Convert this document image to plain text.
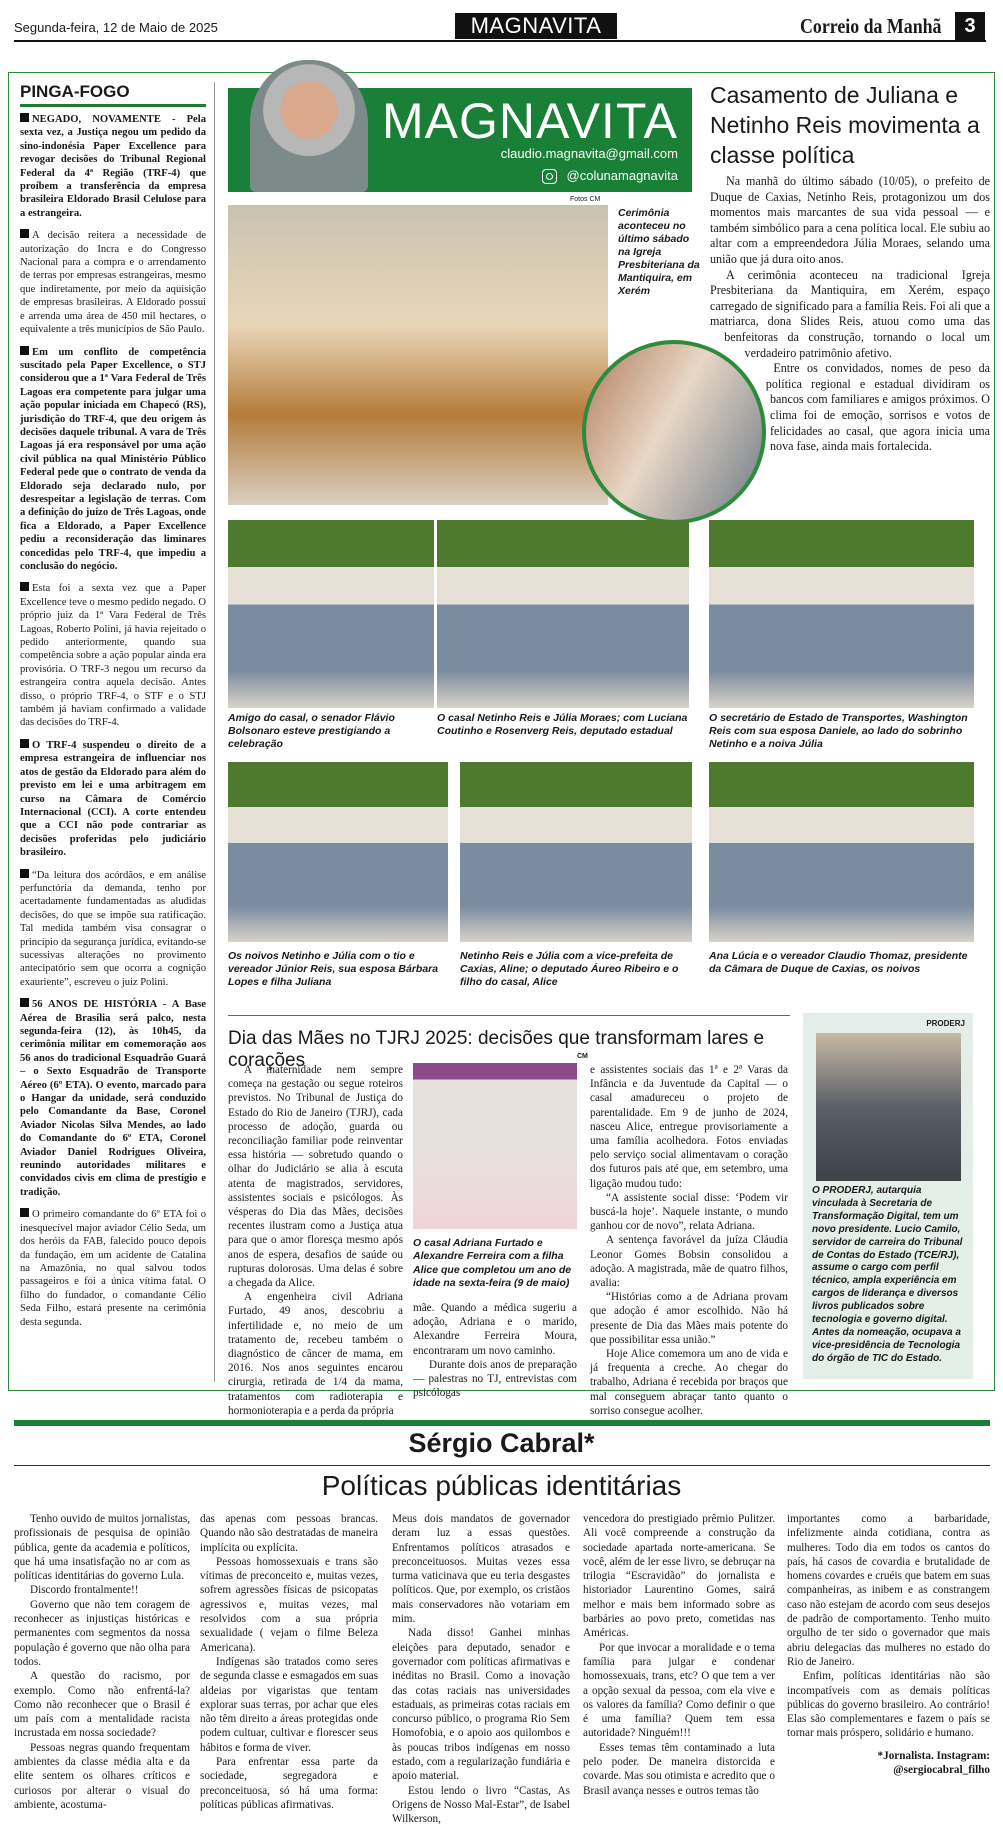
Segunda-feira, 12 de Maio de 2025	MAGNAVITA	Correio da Manhã	3
PINGA-FOGO

NEGADO, NOVAMENTE - Pela sexta vez, a Justiça negou um pedido da sino-indonésia Paper Excellence para revogar decisões do Tribunal Regional Federal da 4ª Região (TRF-4) que proíbem a transferência da empresa brasileira Eldorado Brasil Celulose para a estrangeira.

A decisão reitera a necessidade de autorização do Incra e do Congresso Nacional para a compra e o arrendamento de terras por empresas estrangeiras, mesmo que indiretamente, por meio da aquisição de empresas brasileiras. A Eldorado possui e arrenda uma área de 450 mil hectares, o equivalente a três municípios de São Paulo.

Em um conflito de competência suscitado pela Paper Excellence, o STJ considerou que a 1ª Vara Federal de Três Lagoas era competente para julgar uma ação popular iniciada em Chapecó (RS), jurisdição do TRF-4, que deu origem às decisões daquele tribunal. A vara de Três Lagoas já era responsável por uma ação civil pública na qual Ministério Público Federal pede que o contrato de venda da Eldorado seja declarado nulo, por desrespeitar a legislação de terras. Com a definição do juízo de Três Lagoas, onde fica a Eldorado, a Paper Excellence pediu a reconsideração das liminares concedidas pelo TRF-4, que impediu a conclusão do negócio.

Esta foi a sexta vez que a Paper Excellence teve o mesmo pedido negado. O próprio juiz da 1ª Vara Federal de Três Lagoas, Roberto Polini, já havia rejeitado o pedido anteriormente, quando sua competência sobre a ação popular ainda era provisória. O TRF-3 negou um recurso da estrangeira contra aquela decisão. Antes disso, o próprio TRF-4, o STF e o STJ também já haviam confirmado a validade das decisões do TRF-4.

O TRF-4 suspendeu o direito de a empresa estrangeira de influenciar nos atos de gestão da Eldorado para além do previsto em lei e uma arbitragem em curso na Câmara de Comércio Internacional (CCI). A corte entendeu que a CCI não pode contrariar as decisões proferidas pelo judiciário brasileiro.

“Da leitura dos acórdãos, e em análise perfunctória da demanda, tenho por acertadamente fundamentadas as aludidas decisões, do que se impõe sua ratificação. Tal medida também visa consagrar o princípio da segurança jurídica, evitando-se sucessivas alterações no provimento antecipatório sem que ocorra a cognição exauriente”, escreveu o juiz Polini.

56 ANOS DE HISTÓRIA - A Base Aérea de Brasília será palco, nesta segunda-feira (12), às 10h45, da cerimônia militar em comemoração aos 56 anos do tradicional Esquadrão Guará – o Sexto Esquadrão de Transporte Aéreo (6º ETA). O evento, marcado para o Hangar da unidade, será conduzido pelo Comandante da Base, Coronel Aviador Nicolas Silva Mendes, ao lado do Comandante do 6º ETA, Coronel Aviador Daniel Rodrigues Oliveira, reunindo autoridades militares e convidados civis em clima de prestígio e tradição.

O primeiro comandante do 6º ETA foi o inesquecível major aviador Célio Seda, um dos heróis da FAB, falecido pouco depois da fundação, em um acidente de Catalina na Amazônia, no qual salvou todos passageiros e foi a única vítima fatal. O filho do fundador, o comandante Célio Seda Filho, estará presente na cerimônia desta segunda.

MAGNAVITA
claudio.magnavita@gmail.com
@colunamagnavita
Casamento de Juliana e Netinho Reis movimenta a classe política
Fotos CM
Cerimônia aconteceu no último sábado na Igreja Presbiteriana da Mantiquira, em Xerém

Na manhã do último sábado (10/05), o prefeito de Duque de Caxias, Netinho Reis, protagonizou um dos momentos mais marcantes de sua vida pessoal — e também simbólico para a cena política local. Ele subiu ao altar com a empreendedora Júlia Moraes, selando uma união que já dura oito anos.

A cerimônia aconteceu na tradicional Igreja Presbiteriana da Mantiquira, em Xerém, espaço carregado de significado para a família Reis. Foi ali que a matriarca, dona Slides Reis, atuou como uma das benfeitoras da construção, tornando o local um verdadeiro patrimônio afetivo.

Entre os convidados, nomes de peso da política regional e estadual dividiram os bancos com familiares e amigos próximos. O clima foi de emoção, sorrisos e votos de felicidades ao casal, que agora inicia uma nova fase, ainda mais fortalecida.

Amigo do casal, o senador Flávio Bolsonaro esteve prestigiando a celebração
O casal Netinho Reis e Júlia Moraes; com Luciana Coutinho e Rosenverg Reis, deputado estadual
O secretário de Estado de Transportes, Washington Reis com sua esposa Daniele, ao lado do sobrinho Netinho e a noiva Júlia
Os noivos Netinho e Júlia com o tio e vereador Júnior Reis, sua esposa Bárbara Lopes e filha Juliana
Netinho Reis e Júlia com a vice-prefeita de Caxias, Aline; o deputado Áureo Ribeiro e o filho do casal, Alice
Ana Lúcia e o vereador Claudio Thomaz, presidente da Câmara de Duque de Caxias, os noivos
Dia das Mães no TJRJ 2025: decisões que transformam lares e corações	CM

A maternidade nem sempre começa na gestação ou segue roteiros previstos. No Tribunal de Justiça do Estado do Rio de Janeiro (TJRJ), cada processo de adoção, guarda ou reconciliação familiar pode reinventar essa história — sobretudo quando o olhar do Judiciário se alia à escuta atenta de magistrados, servidores, assistentes sociais e psicólogos. Às vésperas do Dia das Mães, decisões recentes ilustram como a Justiça atua para que o amor floresça mesmo após anos de espera, desafios de saúde ou rupturas dolorosas. Uma delas é sobre a chegada da Alice.

A engenheira civil Adriana Furtado, 49 anos, descobriu a infertilidade e, no meio de um tratamento de, recebeu também o diagnóstico de câncer de mama, em 2016. Nos anos seguintes encarou cirurgia, retirada de 1/4 da mama, tratamentos com radioterapia e hormonioterapia e a perda da própria

O casal Adriana Furtado e Alexandre Ferreira com a filha Alice que completou um ano de idade na sexta-feira (9 de maio)

mãe. Quando a médica sugeriu a adoção, Adriana e o marido, Alexandre Ferreira Moura, encontraram um novo caminho.

Durante dois anos de preparação — palestras no TJ, entrevistas com psicólogas

e assistentes sociais das 1ª e 2ª Varas da Infância e da Juventude da Capital — o casal amadureceu o projeto de parentalidade. Em 9 de junho de 2024, nasceu Alice, entregue provisoriamente a uma família acolhedora. Fotos enviadas pelo serviço social alimentavam o coração dos futuros pais até que, em setembro, uma ligação mudou tudo:

“A assistente social disse: ‘Podem vir buscá-la hoje’. Naquele instante, o mundo ganhou cor de novo”, relata Adriana.

A sentença favorável da juíza Cláudia Leonor Gomes Bobsin consolidou a adoção. A magistrada, mãe de quatro filhos, avalia:

“Histórias como a de Adriana provam que adoção é amor escolhido. Não há presente de Dia das Mães mais potente do que possibilitar essa união.”

Hoje Alice comemora um ano de vida e já frequenta a creche. Ao chegar do trabalho, Adriana é recebida por braços que mal conseguem abraçar tanto quanto o sorriso consegue acolher.

PRODERJ
O PRODERJ, autarquia vinculada à Secretaria de Transformação Digital, tem um novo presidente. Lucio Camilo, servidor de carreira do Tribunal de Contas do Estado (TCE/RJ), assume o cargo com perfil técnico, ampla experiência em cargos de liderança e diversos livros publicados sobre tecnologia e governo digital. Antes da nomeação, ocupava a vice-presidência de Tecnologia do órgão de TIC do Estado.
Sérgio Cabral*
Políticas públicas identitárias

Tenho ouvido de muitos jornalistas, profissionais de pesquisa de opinião pública, gente da academia e políticos, que há uma insatisfação no ar com as políticas identitárias do governo Lula.

Discordo frontalmente!!

Governo que não tem coragem de reconhecer as injustiças históricas e permanentes com segmentos da nossa população é governo que não olha para todos.

A questão do racismo, por exemplo. Como não enfrentá-la? Como não reconhecer que o Brasil é um país com a mentalidade racista incrustada em nossa sociedade?

Pessoas negras quando frequentam ambientes da classe média alta e da elite sentem os olhares críticos e curiosos por alterar o visual do ambiente, acostuma-

das apenas com pessoas brancas. Quando não são destratadas de maneira implícita ou explícita.

Pessoas homossexuais e trans são vítimas de preconceito e, muitas vezes, sofrem agressões físicas de psicopatas agressivos e, muitas vezes, mal resolvidos com a sua própria sexualidade ( vejam o filme Beleza Americana).

Indígenas são tratados como seres de segunda classe e esmagados em suas aldeias por vigaristas que tentam explorar suas terras, por achar que eles não têm direito a áreas protegidas onde podem cultuar, cultivar e florescer seus hábitos e forma de viver.

Para enfrentar essa parte da sociedade, segregadora e preconceituosa, só há uma forma: políticas públicas afirmativas.

Meus dois mandatos de governador deram luz a essas questões. Enfrentamos políticos atrasados e preconceituosos. Muitas vezes essa turma vaticinava que eu teria desgastes políticos. Que, por exemplo, os cristãos mais conservadores não votariam em mim.

Nada disso! Ganhei minhas eleições para deputado, senador e governador com políticas afirmativas e inéditas no Brasil. Como a inovação das cotas raciais nas universidades estaduais, as primeiras cotas raciais em concurso público, o programa Rio Sem Homofobia, e o apoio aos quilombos e às poucas tribos indígenas em nosso estado, com a regularização fundiária e apoio material.

Estou lendo o livro “Castas, As Origens de Nosso Mal-Estar”, de Isabel Wilkerson,

vencedora do prestigiado prêmio Pulitzer. Ali você compreende a construção da sociedade apartada norte-americana. Se você, além de ler esse livro, se debruçar na trilogia “Escravidão” do jornalista e historiador Laurentino Gomes, sairá melhor e mais bem informado sobre as barbáries ao povo preto, cometidas nas Américas.

Por que invocar a moralidade e o tema família para julgar e condenar homossexuais, trans, etc? O que tem a ver a opção sexual da pessoa, com ela vive e os valores da família? Como definir o que é uma família? Quem tem essa autoridade? Ninguém!!!

Esses temas têm contaminado a luta pelo poder. De maneira distorcida e covarde. Mas sou otimista e acredito que o Brasil avança nesses e outros temas tão

importantes como a barbaridade, infelizmente ainda cotidiana, contra as mulheres. Todo dia em todos os cantos do país, há casos de covardia e brutalidade de homens covardes e cruéis que batem em suas companheiras, as inibem e as constrangem caso não estejam de acordo com seus desejos de padrão de comportamento. Tenho muito orgulho de ter sido o governador que mais abriu delegacias das mulheres no estado do Rio de Janeiro.

Enfim, políticas identitárias não são incompatíveis com as demais políticas públicas do governo brasileiro. Ao contrário! Elas são complementares e fazem o país se tornar mais próspero, solidário e humano.

*Jornalista. Instagram: @sergiocabral_filho
